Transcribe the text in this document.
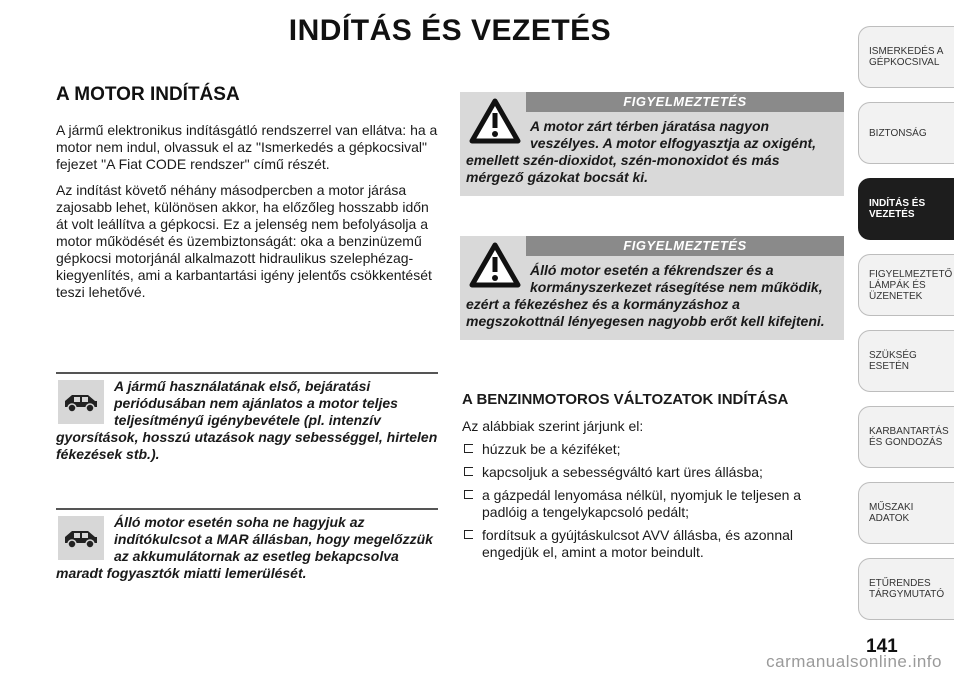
INDÍTÁS ÉS VEZETÉS
A MOTOR INDÍTÁSA

A jármű elektronikus indításgátló rendszerrel van ellátva: ha a motor nem indul, olvassuk el az "Ismerkedés a gépkocsival" fejezet "A Fiat CODE rendszer" című részét.

Az indítást követő néhány másodpercben a motor járása zajosabb lehet, különösen akkor, ha előzőleg hosszabb időn át volt leállítva a gépkocsi. Ez a jelenség nem befolyásolja a motor működését és üzembiztonságát: oka a benzinüzemű gépkocsi motorjánál alkalmazott hidraulikus szelephézag-kiegyenlítés, ami a karbantartási igény jelentős csökkentését teszi lehetővé.

A jármű használatának első, bejáratási periódusában nem ajánlatos a motor teljes teljesítményű igénybevétele (pl. intenzív gyorsítások, hosszú utazások nagy sebességgel, hirtelen fékezések stb.).
Álló motor esetén soha ne hagyjuk az indítókulcsot a MAR állásban, hogy megelőzzük az akkumulátornak az esetleg bekapcsolva maradt fogyasztók miatti lemerülését.
FIGYELMEZTETÉS
A motor zárt térben járatása nagyon veszélyes. A motor elfogyasztja az oxigént, emellett szén-dioxidot, szén-monoxidot és más mérgező gázokat bocsát ki.
FIGYELMEZTETÉS
Álló motor esetén a fékrendszer és a kormányszerkezet rásegítése nem működik, ezért a fékezéshez és a kormányzáshoz a megszokottnál lényegesen nagyobb erőt kell kifejteni.
A BENZINMOTOROS VÁLTOZATOK INDÍTÁSA

Az alábbiak szerint járjunk el:

húzzuk be a kéziféket;
kapcsoljuk a sebességváltó kart üres állásba;
a gázpedál lenyomása nélkül, nyomjuk le teljesen a padlóig a tengelykapcsoló pedált;
fordítsuk a gyújtáskulcsot AVV állásba, és azonnal engedjük el, amint a motor beindult.
ISMERKEDÉS A GÉPKOCSIVAL
BIZTONSÁG
INDÍTÁS ÉS VEZETÉS
FIGYELMEZTETŐ LÁMPÁK ÉS ÜZENETEK
SZÜKSÉG ESETÉN
KARBANTARTÁS ÉS GONDOZÁS
MŰSZAKI ADATOK
ETŰRENDES TÁRGYMUTATÓ
141
carmanualsonline.info
